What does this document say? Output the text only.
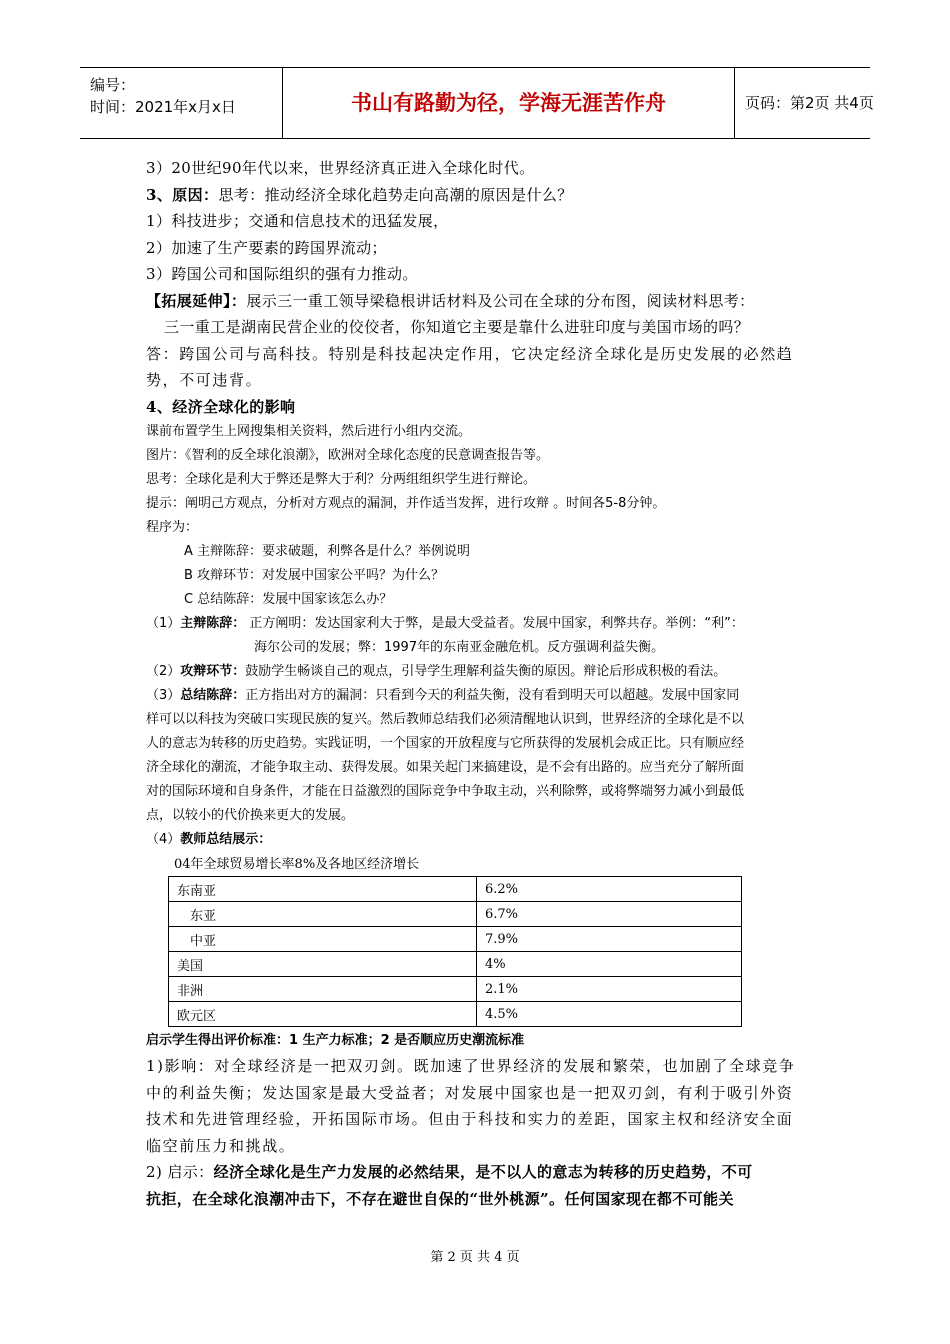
编号：
时间：2021年x月x日	书山有路勤为径，学海无涯苦作舟	页码：第2页 共4页
3）20世纪90年代以来，世界经济真正进入全球化时代。
3、原因：思考：推动经济全球化趋势走向高潮的原因是什么？
1）科技进步；交通和信息技术的迅猛发展，
2）加速了生产要素的跨国界流动；
3）跨国公司和国际组织的强有力推动。
【拓展延伸】：展示三一重工领导梁稳根讲话材料及公司在全球的分布图，阅读材料思考：
三一重工是湖南民营企业的佼佼者，你知道它主要是靠什么进驻印度与美国市场的吗？
答：跨国公司与高科技。特别是科技起决定作用，它决定经济全球化是历史发展的必然趋
势，不可违背。
4、经济全球化的影响
课前布置学生上网搜集相关资料，然后进行小组内交流。
图片：《智利的反全球化浪潮》，欧洲对全球化态度的民意调查报告等。
思考：全球化是利大于弊还是弊大于利？分两组组织学生进行辩论。
提示：阐明己方观点，分析对方观点的漏洞，并作适当发挥，进行攻辩 。时间各5-8分钟。
程序为：
A 主辩陈辞：要求破题，利弊各是什么？举例说明
B 攻辩环节：对发展中国家公平吗？为什么？
C 总结陈辞：发展中国家该怎么办？
（1）主辩陈辞： 正方阐明：发达国家利大于弊，是最大受益者。发展中国家，利弊共存。举例：“利”：
海尔公司的发展；弊：1997年的东南亚金融危机。反方强调利益失衡。
（2）攻辩环节：鼓励学生畅谈自己的观点，引导学生理解利益失衡的原因。辩论后形成积极的看法。
（3）总结陈辞：正方指出对方的漏洞：只看到今天的利益失衡，没有看到明天可以超越。发展中国家同
样可以以科技为突破口实现民族的复兴。然后教师总结我们必须清醒地认识到，世界经济的全球化是不以
人的意志为转移的历史趋势。实践证明，一个国家的开放程度与它所获得的发展机会成正比。只有顺应经
济全球化的潮流，才能争取主动、获得发展。如果关起门来搞建设，是不会有出路的。应当充分了解所面
对的国际环境和自身条件，才能在日益激烈的国际竞争中争取主动，兴利除弊，或将弊端努力减小到最低
点，以较小的代价换来更大的发展。
（4）教师总结展示：
04年全球贸易增长率8%及各地区经济增长
东南亚	6.2%
　东亚	6.7%
　中亚	7.9%
美国	4%
非洲	2.1%
欧元区	4.5%
启示学生得出评价标准：1 生产力标准；2 是否顺应历史潮流标准
1)影响：对全球经济是一把双刃剑。既加速了世界经济的发展和繁荣，也加剧了全球竞争
中的利益失衡；发达国家是最大受益者；对发展中国家也是一把双刃剑，有利于吸引外资
技术和先进管理经验，开拓国际市场。但由于科技和实力的差距，国家主权和经济安全面
临空前压力和挑战。
2) 启示：经济全球化是生产力发展的必然结果，是不以人的意志为转移的历史趋势，不可
抗拒，在全球化浪潮冲击下，不存在避世自保的“世外桃源”。任何国家现在都不可能关
第 2 页 共 4 页
